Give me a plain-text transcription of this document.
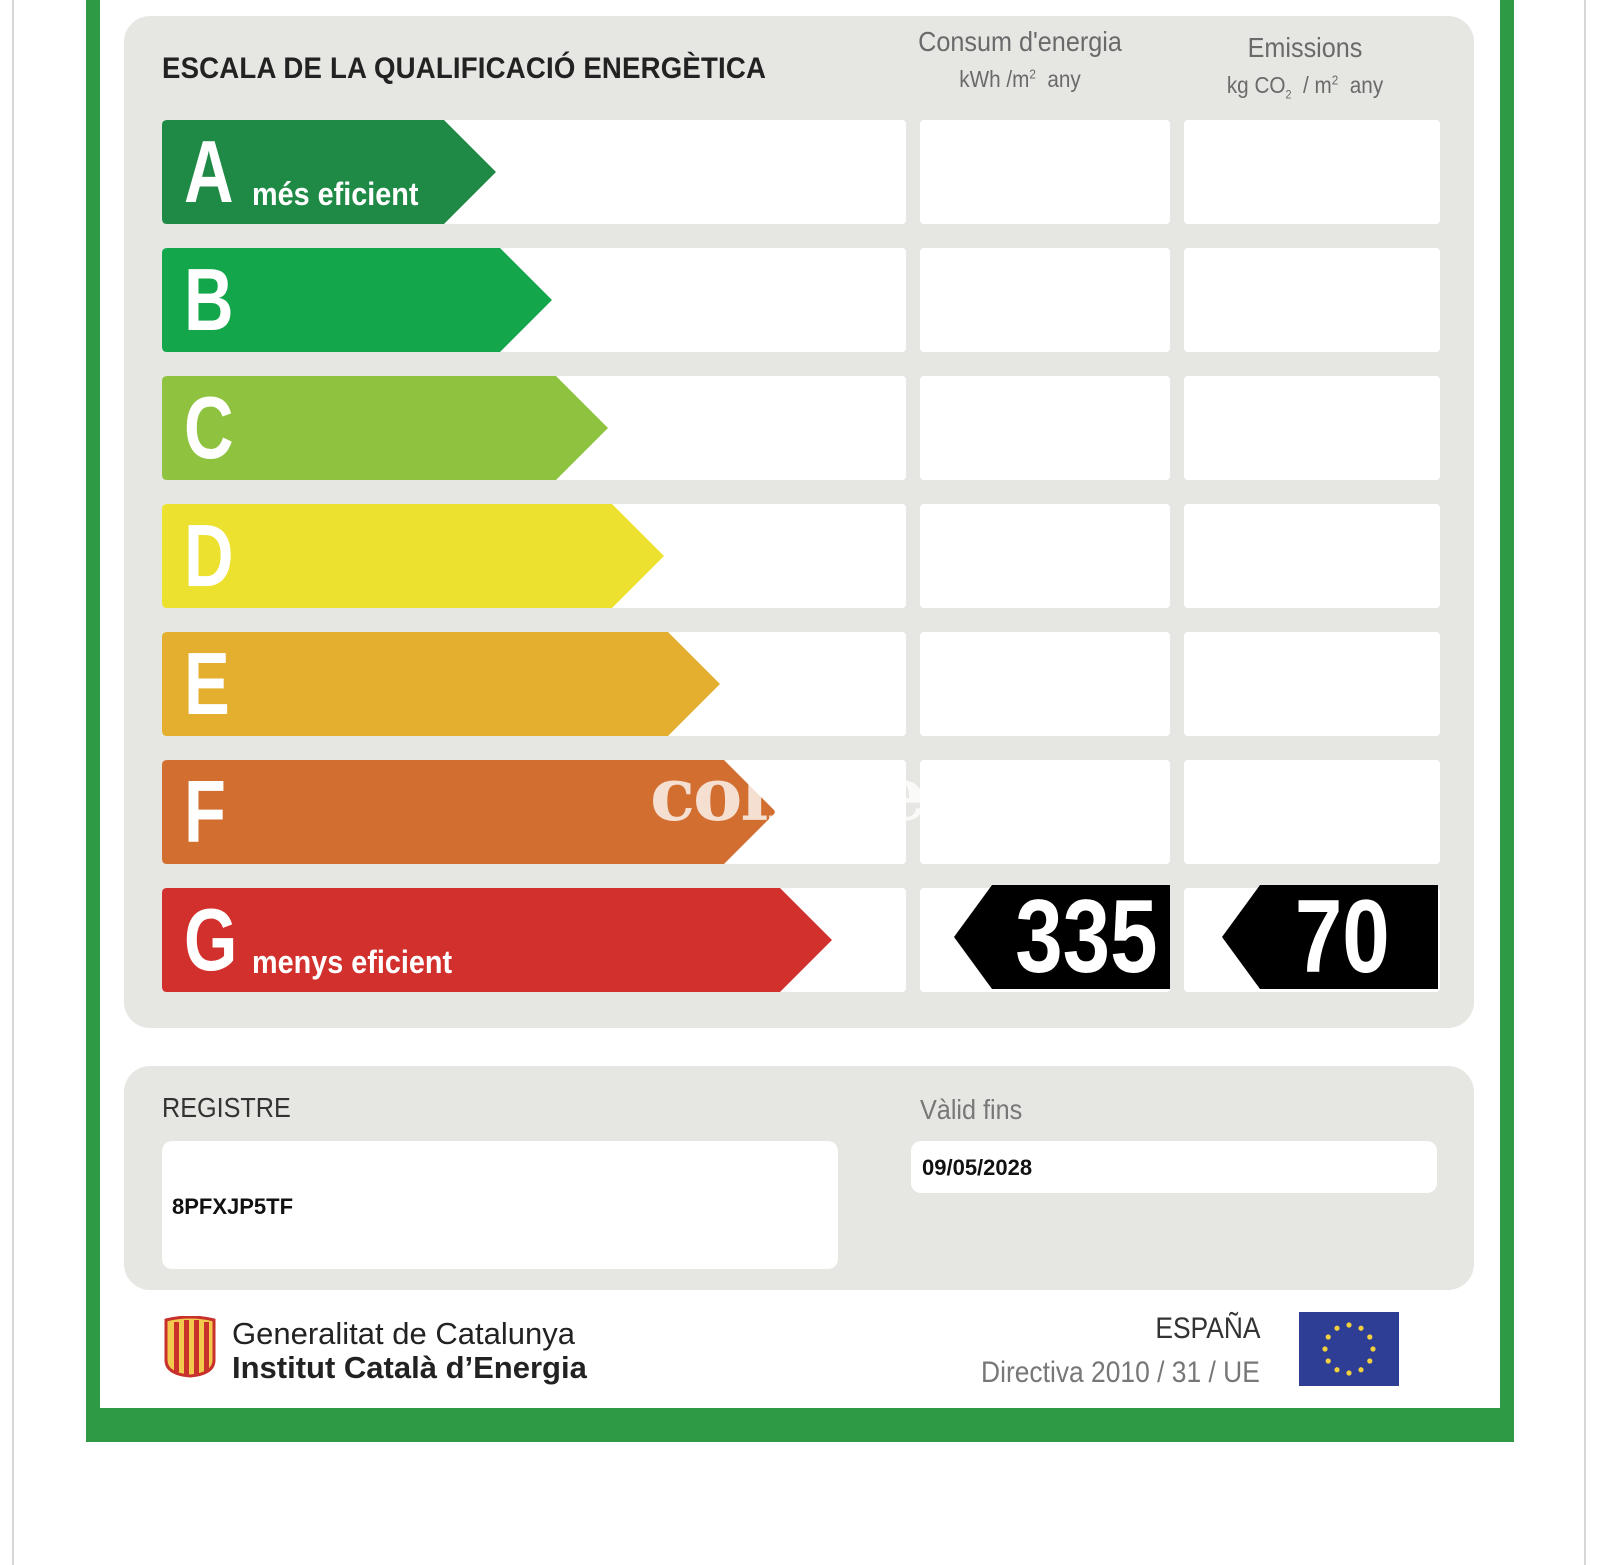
ESCALA DE LA QUALIFICACIÓ ENERGÈTICA
Consum d'energia
kWh $/m^2$ any
Emissions
kg $CO_2 / m^2$ any
A més eficient
B
C
D
E
F
G menys eficient	335 70
colibree
REGISTRE
8PFXJP5TF
Vàlid fins
09/05/2028
Generalitat de Catalunya
Institut Català d’Energia
ESPAÑA
Directiva 2010 / 31 / UE
